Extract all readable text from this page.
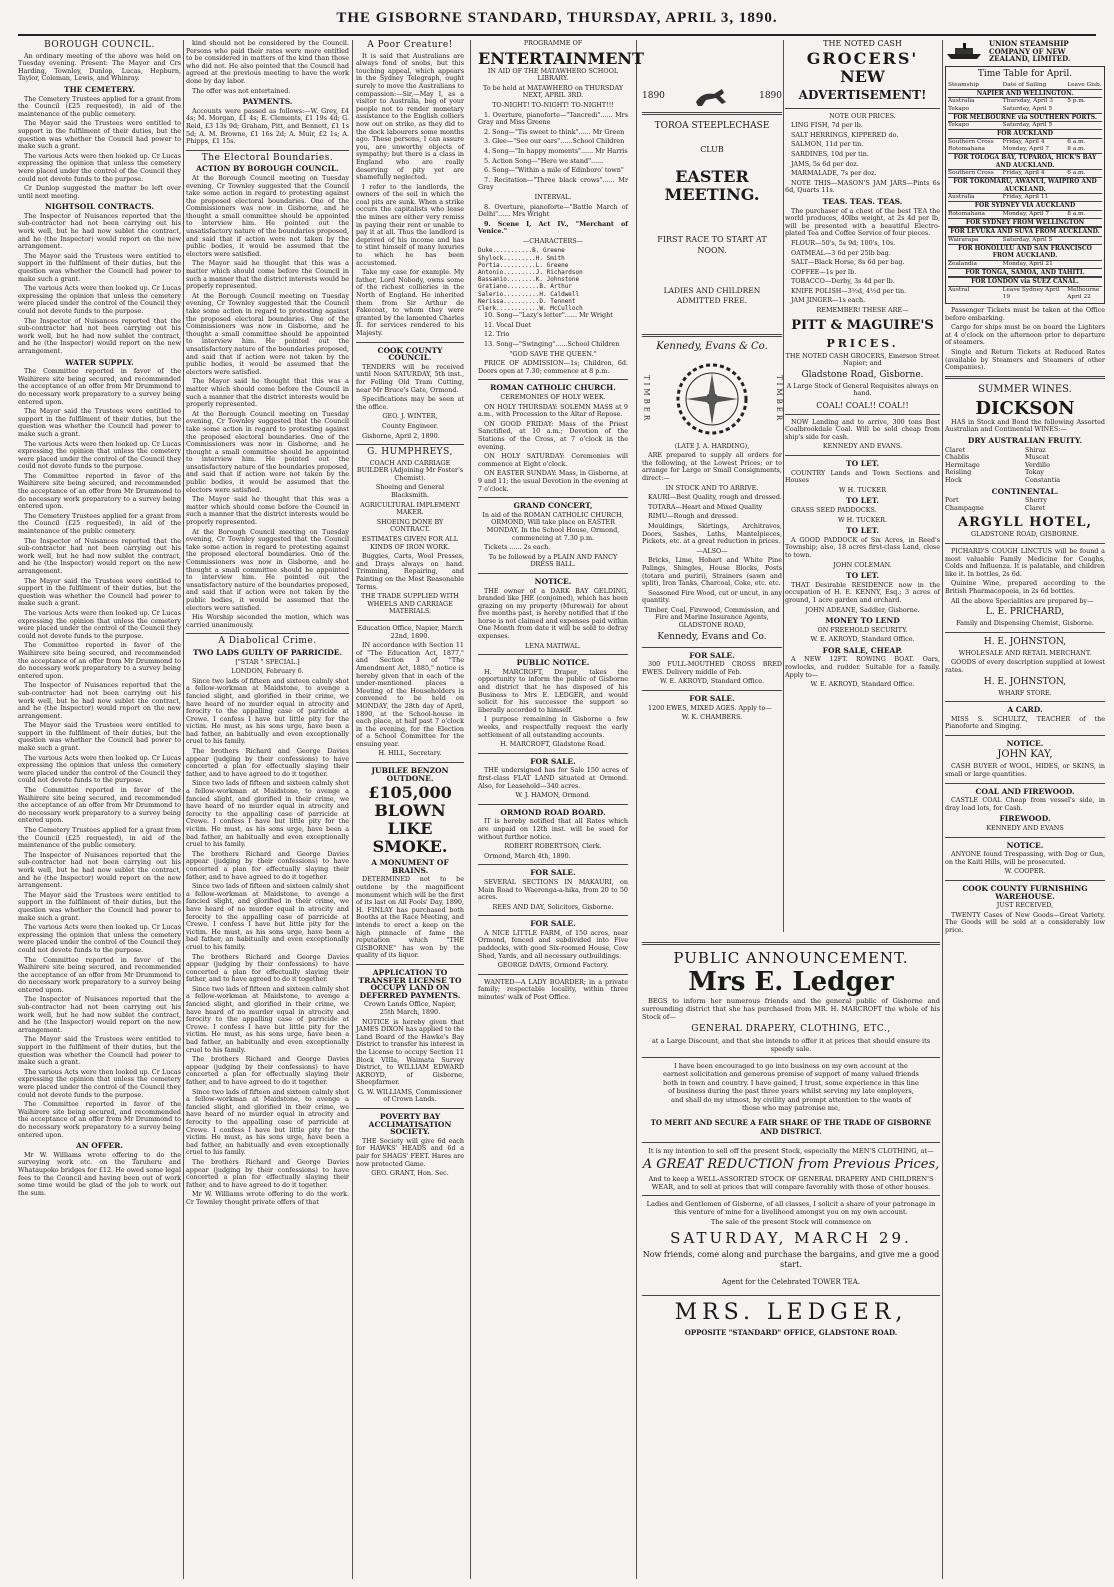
THE GISBORNE STANDARD, THURSDAY, APRIL 3, 1890.
BOROUGH COUNCIL.

An ordinary meeting of the above was held on Tuesday evening. Present: The Mayor and Crs Harding, Townley, Dunlop, Lucas, Hepburn, Taylor, Coleman, Lewis, and Whinray.

THE CEMETERY.

The Cemetery Trustees applied for a grant from the Council (£25 requested), in aid of the maintenance of the public cemetery.

The Mayor said the Trustees were entitled to support in the fulfilment of their duties, but the question was whether the Council had power to make such a grant.

The various Acts were then looked up. Cr Lucas expressing the opinion that unless the cemetery were placed under the control of the Council they could not devote funds to the purpose.

Cr Dunlop suggested the matter be left over until next meeting.

NIGHTSOIL CONTRACTS.

The Inspector of Nuisances reported that the sub-contractor had not been carrying out his work well, but he had now sublet the contract, and he (the Inspector) would report on the new arrangement.

The Mayor said the Trustees were entitled to support in the fulfilment of their duties, but the question was whether the Council had power to make such a grant.

The various Acts were then looked up. Cr Lucas expressing the opinion that unless the cemetery were placed under the control of the Council they could not devote funds to the purpose.

The Inspector of Nuisances reported that the sub-contractor had not been carrying out his work well, but he had now sublet the contract, and he (the Inspector) would report on the new arrangement.

WATER SUPPLY.

The Committee reported in favor of the Waihirere site being secured, and recommended the acceptance of an offer from Mr Drummond to do necessary work preparatory to a survey being entered upon.

The Mayor said the Trustees were entitled to support in the fulfilment of their duties, but the question was whether the Council had power to make such a grant.

The various Acts were then looked up. Cr Lucas expressing the opinion that unless the cemetery were placed under the control of the Council they could not devote funds to the purpose.

The Committee reported in favor of the Waihirere site being secured, and recommended the acceptance of an offer from Mr Drummond to do necessary work preparatory to a survey being entered upon.

The Cemetery Trustees applied for a grant from the Council (£25 requested), in aid of the maintenance of the public cemetery.

The Inspector of Nuisances reported that the sub-contractor had not been carrying out his work well, but he had now sublet the contract, and he (the Inspector) would report on the new arrangement.

The Mayor said the Trustees were entitled to support in the fulfilment of their duties, but the question was whether the Council had power to make such a grant.

The various Acts were then looked up. Cr Lucas expressing the opinion that unless the cemetery were placed under the control of the Council they could not devote funds to the purpose.

The Committee reported in favor of the Waihirere site being secured, and recommended the acceptance of an offer from Mr Drummond to do necessary work preparatory to a survey being entered upon.

The Inspector of Nuisances reported that the sub-contractor had not been carrying out his work well, but he had now sublet the contract, and he (the Inspector) would report on the new arrangement.

The Mayor said the Trustees were entitled to support in the fulfilment of their duties, but the question was whether the Council had power to make such a grant.

The various Acts were then looked up. Cr Lucas expressing the opinion that unless the cemetery were placed under the control of the Council they could not devote funds to the purpose.

The Committee reported in favor of the Waihirere site being secured, and recommended the acceptance of an offer from Mr Drummond to do necessary work preparatory to a survey being entered upon.

The Cemetery Trustees applied for a grant from the Council (£25 requested), in aid of the maintenance of the public cemetery.

The Inspector of Nuisances reported that the sub-contractor had not been carrying out his work well, but he had now sublet the contract, and he (the Inspector) would report on the new arrangement.

The Mayor said the Trustees were entitled to support in the fulfilment of their duties, but the question was whether the Council had power to make such a grant.

The various Acts were then looked up. Cr Lucas expressing the opinion that unless the cemetery were placed under the control of the Council they could not devote funds to the purpose.

The Committee reported in favor of the Waihirere site being secured, and recommended the acceptance of an offer from Mr Drummond to do necessary work preparatory to a survey being entered upon.

The Inspector of Nuisances reported that the sub-contractor had not been carrying out his work well, but he had now sublet the contract, and he (the Inspector) would report on the new arrangement.

The Mayor said the Trustees were entitled to support in the fulfilment of their duties, but the question was whether the Council had power to make such a grant.

The various Acts were then looked up. Cr Lucas expressing the opinion that unless the cemetery were placed under the control of the Council they could not devote funds to the purpose.

The Committee reported in favor of the Waihirere site being secured, and recommended the acceptance of an offer from Mr Drummond to do necessary work preparatory to a survey being entered upon.

AN OFFER.

Mr W. Williams wrote offering to do the surveying work etc. on the Taruheru and Whataupoko bridges for £12. He owed some legal fees to the Council and having been out of work some time would be glad of the job to work out the sum.

kind should not be considered by the Council. Persons who paid their rates were more entitled to be considered in matters of the kind than those who did not. He also pointed that the Council had agreed at the previous meeting to have the work done by day labor.

The offer was not entertained.

PAYMENTS.

Accounts were passed as follows:—W. Grey, £4 4s; M. Morgan, £1 4s; E. Clements, £1 19s 4d; G. Reid, £3 13s 9d; Graham, Pitt, and Bennett, £1 1s 5d; A. M. Browne, £1 16s 2d; A. Muir, £2 1s; A. Phipps, £1 15s.

The Electoral Boundaries.
ACTION BY BOROUGH COUNCIL.

At the Borough Council meeting on Tuesday evening, Cr Townley suggested that the Council take some action in regard to protesting against the proposed electoral boundaries. One of the Commissioners was now in Gisborne, and he thought a small committee should be appointed to interview him. He pointed out the unsatisfactory nature of the boundaries proposed, and said that if action were not taken by the public bodies, it would be assumed that the electors were satisfied.

The Mayor said he thought that this was a matter which should come before the Council in such a manner that the district interests would be properly represented.

At the Borough Council meeting on Tuesday evening, Cr Townley suggested that the Council take some action in regard to protesting against the proposed electoral boundaries. One of the Commissioners was now in Gisborne, and he thought a small committee should be appointed to interview him. He pointed out the unsatisfactory nature of the boundaries proposed, and said that if action were not taken by the public bodies, it would be assumed that the electors were satisfied.

The Mayor said he thought that this was a matter which should come before the Council in such a manner that the district interests would be properly represented.

At the Borough Council meeting on Tuesday evening, Cr Townley suggested that the Council take some action in regard to protesting against the proposed electoral boundaries. One of the Commissioners was now in Gisborne, and he thought a small committee should be appointed to interview him. He pointed out the unsatisfactory nature of the boundaries proposed, and said that if action were not taken by the public bodies, it would be assumed that the electors were satisfied.

The Mayor said he thought that this was a matter which should come before the Council in such a manner that the district interests would be properly represented.

At the Borough Council meeting on Tuesday evening, Cr Townley suggested that the Council take some action in regard to protesting against the proposed electoral boundaries. One of the Commissioners was now in Gisborne, and he thought a small committee should be appointed to interview him. He pointed out the unsatisfactory nature of the boundaries proposed, and said that if action were not taken by the public bodies, it would be assumed that the electors were satisfied.

His Worship seconded the motion, which was carried unanimously.

A Diabolical Crime.
TWO LADS GUILTY OF PARRICIDE.

["STAR " SPECIAL.]

LONDON, February 6.

Since two lads of fifteen and sixteen calmly shot a fellow-workman at Maidstone, to avenge a fancied slight, and glorified in their crime, we have heard of no murder equal in atrocity and ferocity to the appalling case of parricide at Crewe. I confess I have but little pity for the victim. He must, as his sons urge, have been a bad father, an habitually and even exceptionally cruel to his family.

The brothers Richard and George Davies appear (judging by their confessions) to have concerted a plan for effectually slaying their father, and to have agreed to do it together.

Since two lads of fifteen and sixteen calmly shot a fellow-workman at Maidstone, to avenge a fancied slight, and glorified in their crime, we have heard of no murder equal in atrocity and ferocity to the appalling case of parricide at Crewe. I confess I have but little pity for the victim. He must, as his sons urge, have been a bad father, an habitually and even exceptionally cruel to his family.

The brothers Richard and George Davies appear (judging by their confessions) to have concerted a plan for effectually slaying their father, and to have agreed to do it together.

Since two lads of fifteen and sixteen calmly shot a fellow-workman at Maidstone, to avenge a fancied slight, and glorified in their crime, we have heard of no murder equal in atrocity and ferocity to the appalling case of parricide at Crewe. I confess I have but little pity for the victim. He must, as his sons urge, have been a bad father, an habitually and even exceptionally cruel to his family.

The brothers Richard and George Davies appear (judging by their confessions) to have concerted a plan for effectually slaying their father, and to have agreed to do it together.

Since two lads of fifteen and sixteen calmly shot a fellow-workman at Maidstone, to avenge a fancied slight, and glorified in their crime, we have heard of no murder equal in atrocity and ferocity to the appalling case of parricide at Crewe. I confess I have but little pity for the victim. He must, as his sons urge, have been a bad father, an habitually and even exceptionally cruel to his family.

The brothers Richard and George Davies appear (judging by their confessions) to have concerted a plan for effectually slaying their father, and to have agreed to do it together.

Since two lads of fifteen and sixteen calmly shot a fellow-workman at Maidstone, to avenge a fancied slight, and glorified in their crime, we have heard of no murder equal in atrocity and ferocity to the appalling case of parricide at Crewe. I confess I have but little pity for the victim. He must, as his sons urge, have been a bad father, an habitually and even exceptionally cruel to his family.

The brothers Richard and George Davies appear (judging by their confessions) to have concerted a plan for effectually slaying their father, and to have agreed to do it together.

Mr W. Williams wrote offering to do the work. Cr Townley thought private offers of that

A Poor Creature!

It is said that Australians are always fond of snobs, but this touching appeal, which appears in the Sydney Telegraph, ought surely to move the Australians to compassion:—Sir,—May I, as a visitor to Australia, beg of your people not to render monetary assistance to the English colliers now out on strike, as they did to the dock labourers some months ago. These persons, I can assure you, are unworthy objects of sympathy; but there is a class in England who are really deserving of pity yet are shamefully neglected.

I refer to the landlords, the owners of the soil in which the coal pits are sunk. When a strike occurs the capitalists who lease the mines are either very remiss in paying their rent or unable to pay it at all. Thus the landlord is deprived of his income and has to stint himself of many luxuries to which he has been accustomed.

Take my case for example. My father, Lord Nobody, owns some of the richest collieries in the North of England. He inherited them from Sir Arthur de Fakecoat, to whom they were granted by the lamented Charles II. for services rendered to his Majesty.

COOK COUNTY COUNCIL.

TENDERS will be received until Noon SATURDAY, 5th inst., for Felling Old Tram Cutting, near Mr Bruce's Gate, Ormond.

Specifications may be seen at the office.

GEO. J. WINTER,

County Engineer.

Gisborne, April 2, 1890.

G. HUMPHREYS,

COACH AND CARRIAGE BUILDER (Adjoining Mr Foster's Chemist).

Shoeing and General Blacksmith.

AGRICULTURAL IMPLEMENT MAKER.

SHOEING DONE BY CONTRACT.

ESTIMATES GIVEN FOR ALL KINDS OF IRON WORK.

Buggies, Carts, Wool Presses, and Drays always on hand. Trimming, Repairing, and Painting on the Most Reasonable Terms.

THE TRADE SUPPLIED WITH WHEELS AND CARRIAGE MATERIALS.

Education Office, Napier, March 22nd, 1890.

IN accordance with Section 11 of "The Education Act, 1877," and Section 3 of "The Amendment Act, 1885," notice is hereby given that in each of the under-mentioned places a Meeting of the Householders is convened to be held on MONDAY, the 28th day of April, 1890, at the School-house in each place, at half past 7 o'clock in the evening, for the Election of a School Committee for the ensuing year.

H. HILL, Secretary.

JUBILEE BENZON OUTDONE.
£105,000 BLOWN LIKE SMOKE.
A MONUMENT OF BRAINS.

DETERMINED not to be outdone by the magnificent monument which will be the first of its last on All Fools' Day, 1890, H. FINLAY has purchased both Booths at the Race Meeting, and intends to erect a keep on the high pinnacle of fame the reputation which "THE GISBORNE" has won by the quality of its liquor.

APPLICATION TO TRANSFER LICENSE TO OCCUPY LAND ON DEFERRED PAYMENTS.

Crown Lands Office, Napier, 25th March, 1890.

NOTICE is hereby given that JAMES DIXON has applied to the Land Board of the Hawke's Bay District to transfer his interest in the License to occupy Section 11 Block VIIIa, Waimata Survey District, to WILLIAM EDWARD AKROYD, of Gisborne, Sheepfarmer.

G. W. WILLIAMS, Commissioner of Crown Lands.

POVERTY BAY ACCLIMATISATION SOCIETY.

THE Society will give 6d each for HAWKS' HEADS and 6d a pair for SHAGS' FEET. Hares are now protected Game.

GEO. GRANT, Hon. Sec.

PROGRAMME OF

ENTERTAINMENT

IN AID OF THE MATAWHERO SCHOOL LIBRARY.

To be held at MATAWHERO on THURSDAY NEXT, APRIL 3RD.

TO-NIGHT! TO-NIGHT! TO-NIGHT!!!

1. Overture, pianoforte—"Tancredi"...... Mrs Gray and Miss Greene

2. Song—"Tis sweet to think"...... Mr Green

3. Glee—"See our oars"......School Children

4. Song—"In happy moments"...... Mr Harris

5. Action Song—"Here we stand"......

6. Song—"Within a mile of Edinboro' town"

7. Recitation—"Three black crows"...... Mr Gray

INTERVAL.

8. Overture, pianoforte—"Battle March of Delhi"...... Mrs Wright

9. Scene I, Act IV., "Merchant of Venice."

—CHARACTERS—

Duke...........B. Greene
Shylock.........H. Smith
Portia..........L. Greene
Antonio.........J. Richardson
Bassanio........K. Johnstone
Gratiano.........B. Arthur
Salerio..........H. Caldwell
Nerissa..........D. Tennent
Clerk............W. McCulloch

10. Song—"Lazy's letter"...... Mr Wright

11. Vocal Duet

12. Trio

13. Song—"Swinging"......School Children

"GOD SAVE THE QUEEN."

PRICE OF ADMISSION—1s; Children, 6d. Doors open at 7.30; commence at 8 p.m.

ROMAN CATHOLIC CHURCH.

CEREMONIES OF HOLY WEEK.

ON HOLY THURSDAY: SOLEMN MASS at 9 a.m., with Procession to the Altar of Repose.

ON GOOD FRIDAY: Mass of the Priest Sanctified, at 10 a.m.; Devotion of the Stations of the Cross, at 7 o'clock in the evening.

ON HOLY SATURDAY: Ceremonies will commence at Eight o'clock.

ON EASTER SUNDAY: Mass, in Gisborne, at 9 and 11; the usual Devotion in the evening at 7 o'clock.

GRAND CONCERT,

In aid of the ROMAN CATHOLIC CHURCH, ORMOND, Will take place on EASTER MONDAY, In the School House, Ormond, commencing at 7.30 p.m.

Tickets ...... 2s each.

To be followed by a PLAIN AND FANCY DRESS BALL.

NOTICE.

THE owner of a DARK BAY GELDING, branded like JHE (conjoined), which has been grazing on my property (Murewai) for about five months past, is hereby notified that if the horse is not claimed and expenses paid within One Month from date it will be sold to defray expenses.

LENA MATIWAL.

PUBLIC NOTICE.

H. MARCROFT, Draper, takes the opportunity to inform the public of Gisborne and district that he has disposed of his Business to Mrs E. LEDGER, and would solicit for his successor the support so liberally accorded to himself.

I purpose remaining in Gisborne a few weeks, and respectfully request the early settlement of all outstanding accounts.

H. MARCROFT, Gladstone Road.

FOR SALE.

THE undersigned has for Sale 150 acres of first-class FLAT LAND situated at Ormond. Also, for Leasehold—340 acres.

W. J. HAMON, Ormond.

ORMOND ROAD BOARD.

IT is hereby notified that all Rates which are unpaid on 12th inst. will be sued for without further notice.

ROBERT ROBERTSON, Clerk.

Ormond, March 4th, 1890.

FOR SALE.

SEVERAL SECTIONS IN MAKAURI, on Main Road to Waerenga-a-hika, from 20 to 50 acres.

REES AND DAY, Solicitors, Gisborne.

FOR SALE.

A NICE LITTLE FARM, of 150 acres, near Ormond, fenced and subdivided into Five paddocks, with good Six-roomed House, Cow Shed, Yards, and all necessary outbuildings.

GEORGE DAVIS, Ormond Factory.

WANTED—A LADY BOARDER; in a private family; respectable locality, within three minutes' walk of Post Office.

1890	1890

TOROA STEEPLECHASE

CLUB

EASTER MEETING.

FIRST RACE TO START AT NOON.

LADIES AND CHILDREN ADMITTED FREE.

Kennedy, Evans & Co.

TIMBER	TIMBER

(LATE J. A. HARDING),

ARE prepared to supply all orders for the following, at the Lowest Prices; or to arrange for Large or Small Consignments, direct:—

IN STOCK AND TO ARRIVE.

KAURI—Best Quality, rough and dressed.

TOTARA—Heart and Mixed Quality

RIMU—Rough and dressed.

Mouldings, Skirtings, Architraves, Doors, Sashes, Laths, Mantelpieces, Pickets, etc. at a great reduction in prices.

—ALSO—

Bricks, Lime, Hobart and White Pine Palings, Shingles, House Blocks, Posts (totara and puriri), Strainers (sawn and split), Iron Tanks, Charcoal, Coke, etc. etc.

Seasoned Fire Wood, cut or uncut, in any quantity.

Timber, Coal, Firewood, Commission, and Fire and Marine Insurance Agents, GLADSTONE ROAD,

Kennedy, Evans and Co.

FOR SALE.

300 FULL-MOUTHED CROSS BRED EWES. Delivery middle of Feb.

W. E. AKROYD, Standard Office.

FOR SALE.

1200 EWES, MIXED AGES. Apply to—

W. K. CHAMBERS.

THE NOTED CASH

GROCERS'
NEW
ADVERTISEMENT!

NOTE OUR PRICES.

LING FISH, 7d per lb.

SALT HERRINGS, KIPPERED do.

SALMON, 11d per tin.

SARDINES, 10d per tin.

JAMS, 5s 6d per doz.

MARMALADE, 7s per doz.

NOTE THIS—MASON'S JAM JARS—Pints 6s 6d, Quarts 11s.

TEAS. TEAS. TEAS.

The purchaser of a chest of the best TEA the world produces, 40lbs weight, at 2s 4d per lb, will be presented with a beautiful Electro-plated Tea and Coffee Service of four pieces.

FLOUR—50's, 5s 9d; 100's, 10s.

OATMEAL—3 6d per 25lb bag.

SALT—Black Horse, 8s 6d per bag.

COFFEE—1s per lb.

TOBACCO—Derby, 3s 4d per lb.

KNIFE POLISH—3½d, 4½d per tin.

JAM JINGER—1s each.

REMEMBER! THESE ARE—

PITT & MAGUIRE'S
PRICES.

THE NOTED CASH GROCERS, Emerson Street Napier; and

Gladstone Road, Gisborne.

A Large Stock of General Requisites always on hand.

COAL! COAL!! COAL!!

NOW Landing and to arrive, 300 tons Best Coalbrookdale Coal. Will be sold cheap from ship's side for cash.

KENNEDY AND EVANS.

TO LET.

COUNTRY Lands and Town Sections and Houses

W H. TUCKER

TO LET.

GRASS SEED PADDOCKS.

W H. TUCKER.

TO LET.

A GOOD PADDOCK of Six Acres, in Reed's Township; also, 18 acres first-class Land, close to town.

JOHN COLEMAN.

TO LET.

THAT Desirable RESIDENCE now in the occupation of H. E. KENNY, Esq.; 3 acres of ground, 1 acre garden and orchard.

JOHN ADEANE, Saddler, Gisborne.

MONEY TO LEND

ON FREEHOLD SECURITY.

W. E. AKROYD, Standard Office.

FOR SALE, CHEAP.

A NEW 12FT. ROWING BOAT. Oars, rowlocks, and rudder. Suitable for a family. Apply to—

W. E. AKROYD, Standard Office.

PUBLIC ANNOUNCEMENT.
Mrs E. Ledger

BEGS to inform her numerous friends and the general public of Gisborne and surrounding district that she has purchased from MR. H. MARCROFT the whole of his Stock of—

GENERAL DRAPERY, CLOTHING, ETC.,

at a Large Discount, and that she intends to offer it at prices that should ensure its speedy sale.

I have been encouraged to go into business on my own account at the earnest solicitation and generous promise of support of many valued friends both in town and country. I have gained, I trust, some experience in this line of business during the past three years whilst serving my late employers, and shall do my utmost, by civility and prompt attention to the wants of those who may patronise me,

TO MERIT AND SECURE A FAIR SHARE OF THE TRADE OF GISBORNE AND DISTRICT.

It is my intention to sell off the present Stock, especially the MEN'S CLOTHING, at—

A GREAT REDUCTION from Previous Prices,

And to keep a WELL-ASSORTED STOCK OF GENERAL DRAPERY AND CHILDREN'S WEAR, and to sell at prices that will compare favorably with those of other houses.

Ladies and Gentlemen of Gisborne, of all classes, I solicit a share of your patronage in this venture of mine for a livelihood amongst you on my own account.

The sale of the present Stock will commence on

SATURDAY, MARCH 29.

Now friends, come along and purchase the bargains, and give me a good start.

Agent for the Celebrated TOWER TEA.

MRS. LEDGER,

OPPOSITE "STANDARD" OFFICE, GLADSTONE ROAD.

UNION STEAMSHIP COMPANY OF NEW ZEALAND, LIMITED.

Time Table for April.

Steamship	Date of Sailing	Leave Gisb.
NAPIER AND WELLINGTON.
Australia	Thursday, April 3	5 p.m.
Tekapo	Saturday, April 5
FOR MELBOURNE via SOUTHERN PORTS.
Tekapo	Saturday, April 5
FOR AUCKLAND
Southern Cross	Friday, April 4	6 a.m.
Rotomahana	Monday, April 7	8 a.m.
FOR TOLOGA BAY, TUPAROA, HICK'S BAY AND AUCKLAND.
Southern Cross	Friday, April 4	6 a.m.
FOR TOKOMARU, AWANUI, WAIPIRO AND AUCKLAND.
Australia	Friday, April 11
FOR SYDNEY VIA AUCKLAND
Rotomahana	Monday, April 7	8 a.m.
FOR SYDNEY FROM WELLINGTON
FOR LEVUKA AND SUVA FROM AUCKLAND.
Wairarapa	Saturday, April 5
FOR HONOLULU AND SAN FRANCISCO FROM AUCKLAND.
Zealandia	Monday, April 21
FOR TONGA, SAMOA, AND TAHITI.
FOR LONDON via SUEZ CANAL.
Austral	Leave Sydney April 19
Melbourne April 22

Passenger Tickets must be taken at the Office before embarking.

Cargo for ships must be on board the Lighters at 4 o'clock on the afternoon prior to departure of steamers.

Single and Return Tickets at Reduced Rates (available by Steamers and Steamers of other Companies).

SUMMER WINES.

DICKSON

HAS in Stock and Bond the following Assorted Australian and Continental WINES:—

DRY AUSTRALIAN FRUITY.
Claret	Shiraz
Chablis	Muscat
Hermitage	Verdillo
Reisling	Tokay
Hock	Constantia
CONTINENTAL.
Port	Sherry
Champagne	Claret
ARGYLL HOTEL,

GLADSTONE ROAD, GISBORNE.

PICHARD'S COUGH LINCTUS will be found a most valuable Family Medicine for Coughs, Colds and Influenza. It is palatable, and children like it. In bottles, 2s 6d.

Quinine Wine, prepared according to the British Pharmacopoeia, in 2s 6d bottles.

All the above Specialities are prepared by—

L. E. PRICHARD,

Family and Dispensing Chemist, Gisborne.

H. E. JOHNSTON,

WHOLESALE AND RETAIL MERCHANT.

GOODS of every description supplied at lowest rates.

H. E. JOHNSTON,

WHARF STORE.

A CARD.

MISS S. SCHULTZ, TEACHER of the Pianoforte and Singing.

NOTICE.

JOHN KAY,

CASH BUYER of WOOL, HIDES, or SKINS, in small or large quantities.

COAL AND FIREWOOD.

CASTLE COAL Cheap from vessel's side, in dray load lots, for Cash.

FIREWOOD.

KENNEDY AND EVANS

NOTICE.

ANYONE found Trespassing, with Dog or Gun, on the Kaiti Hills, will be prosecuted.

W. COOPER.

COOK COUNTY FURNISHING WAREHOUSE.

JUST RECEIVED,

TWENTY Cases of New Goods—Great Variety. The Goods will be sold at a considerably low price.
